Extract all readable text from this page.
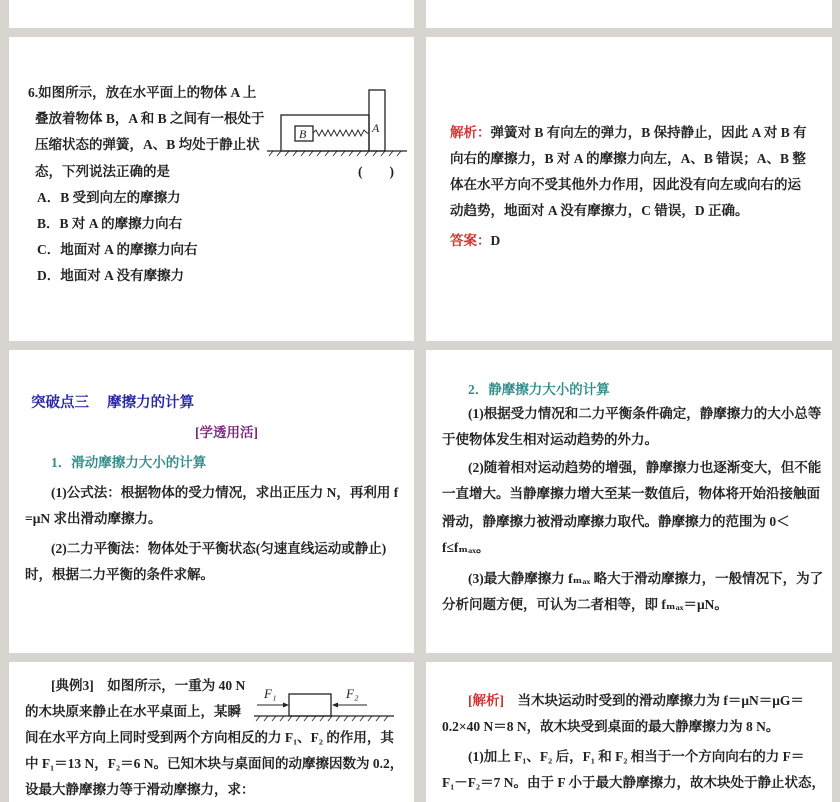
6.如图所示，放在水平面上的物体 A 上
叠放着物体 B，A 和 B 之间有一根处于
压缩状态的弹簧，A、B 均处于静止状
态，下列说法正确的是	(　　)
A．B 受到向左的摩擦力
B．B 对 A 的摩擦力向右
C．地面对 A 的摩擦力向右
D．地面对 A 没有摩擦力
B	A	解析：弹簧对 B 有向左的弹力，B 保持静止，因此 A 对 B 有
向右的摩擦力，B 对 A 的摩擦力向左，A、B 错误；A、B 整
体在水平方向不受其他外力作用，因此没有向左或向右的运
动趋势，地面对 A 没有摩擦力，C 错误，D 正确。
答案：D
突破点三　 摩擦力的计算
[学透用活]
1．滑动摩擦力大小的计算
(1)公式法：根据物体的受力情况，求出正压力 N，再利用 f
=μN 求出滑动摩擦力。
(2)二力平衡法：物体处于平衡状态(匀速直线运动或静止)
时，根据二力平衡的条件求解。
2．静摩擦力大小的计算
(1)根据受力情况和二力平衡条件确定，静摩擦力的大小总等
于使物体发生相对运动趋势的外力。
(2)随着相对运动趋势的增强，静摩擦力也逐渐变大，但不能
一直增大。当静摩擦力增大至某一数值后，物体将开始沿接触面
滑动，静摩擦力被滑动摩擦力取代。静摩擦力的范围为 0＜
f≤fₘₐₓ。
(3)最大静摩擦力 fₘₐₓ 略大于滑动摩擦力，一般情况下，为了
分析问题方便，可认为二者相等，即 fₘₐₓ＝μN。
[典例3]　 如图所示，一重为 40 N
的木块原来静止在水平桌面上，某瞬
间在水平方向上同时受到两个方向相反的力 F₁、F₂ 的作用，其
中 F₁＝13 N，F₂＝6 N。已知木块与桌面间的动摩擦因数为 0.2，
设最大静摩擦力等于滑动摩擦力，求：
F₁	F₂	[解析]　 当木块运动时受到的滑动摩擦力为 f＝μN＝μG＝
0.2×40 N＝8 N，故木块受到桌面的最大静摩擦力为 8 N。
(1)加上 F₁、F₂ 后，F₁ 和 F₂ 相当于一个方向向右的力 F＝
F₁－F₂＝7 N。由于 F 小于最大静摩擦力，故木块处于静止状态，
